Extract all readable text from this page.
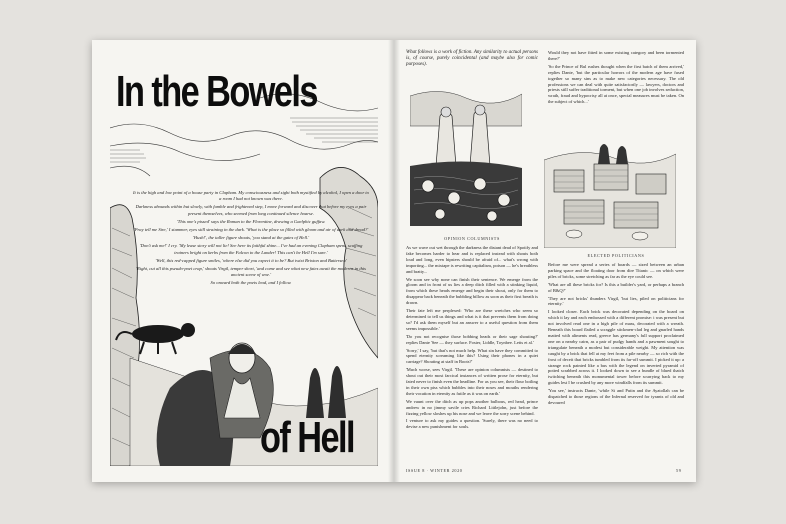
In the Bowels

It is the high and low point of a house party in Clapham. My consciousness and sight both mystified by alcohol, I open a door to a room I had not known was there.

Darkness abounds within but slowly, with fumble and frightened step, I move forward and discover that before my eyes a pair present themselves, who seemed from long continued silence hoarse.

'This one's pissed' says the Roman to the Florentine, drawing a Gaelphic guffaw.

'Pray tell me Sire,' I stammer, eyes still straining in the dark. 'What is the place so filled with gloom and air of dark and dread?'

'Hush!', the taller figure shouts, 'you stand at the gates of Hell.'

'Don't ask me!' I cry. 'My lease story will not lie! See here its faithful shine... I've had an evening Clapham spent, scuffing trainers bright on kerbs from the Falcon to the Lander! This can't be Hell I'm sure.'

'Well, this red-capped figure smiles, 'where else did you expect it to be? But twixt Brixton and Battersea'

'Right, cut all this pseudo-poet crap,' shouts Virgil, temper short, 'and come and see what new fates await the moderns in this ancient scene of woe.'

So onward both the poets lead, and I follow.

of Hell

What follows is a work of fiction. Any similarity to actual persons is, of course, purely coincidental (and maybe also for comic purposes).

OPINION COLUMNISTS

As we wave out wet through the darkness the distant dead of Spotify and fake becomes harder to hear and is replaced instead with shouts both loud and long, even hipsters should be afraid of... what's wrong with importing... the mixtape is rewriting capitalism, poison — he's breathless and bratty...

We soon see why none can finish their sentence. We emerge from the gloom and in front of us lies a deep ditch filled with a stinking liquid, from which these heads emerge and begin their shout, only for them to disappear back beneath the bubbling billow as soon as their first breath is drawn.

Their fate left me perplexed: 'Who are these wretches who seem so determined to tell us things and what is it that prevents them from doing so? I'd ask them myself but an answer to a useful question from them seems impossible.'

'Do you not recognise those bobbing heads or their sage shouting?' replies Dante 'See — they surface. Foster, Liddle, Toynbee. Letts et al.'

'Sorry,' I say, 'but that's not much help. What sin have they committed to spend eternity screaming like this? Using their phones in a quiet carriage? Shouting at staff in Boots?'

'Much worse, sees Virgil. 'These are opinion columnists — destined to shout out their most farcical instances of written prose for eternity, but fated never to finish even the headline. For as you see, their flour boiling in their own piss which bubbles into their noses and mouths rendering their vocation in eternity as futile as it was on earth.'

We vaunt over the ditch as up pops another bulbous, red head, prince andrew in no jimmy savile cries Richard Littlejohn, just before the fizzing yellow sloshes up his nose and we leave the sorry scene behind.

I venture to ask my guides a question. 'Surely, there was no need to devise a new punishment for souls.

Would they not have fitted in some existing category and been tormented there?'

'So the Prince of Bul rushes thought when the first batch of them arrived,' replies Dante, 'but the particular horrors of the modern age have fused together so many sins as to make new categories necessary. The old professions we can deal with quite satisfactorily — lawyers, doctors and priests still suffer traditional torment, but when one job involves seduction, wrath, fraud and hypocrisy all at once, special measures must be taken. On the subject of which...'

ELECTED POLITICIANS

Before me were spread a series of boards — sized between an urban parking space and the floating door from dire Titanic — on which were piles of bricks, some stretching as far as the eye could see.

'What are all these bricks for? Is this a builder's yard, or perhaps a branch of B&Q?'

'They are not bricks' thunders Virgil, 'but lies, piled on politicians for eternity.'

I looked closer. Each brick was decorated depending on the board on which it lay and each embossed with a different promise: i was present but not involved read one in a high pile of mass, decorated with a wreath. Beneath this board flailed a scraggle stickmen-clad leg and gnarled hands matted with aliments read, greece has germany's full support proclaimed one on a nearby cairn, as a pair of pudgy hands and a pawment sought to triangulate beneath a modest but considerable weight. My attention was caught by a brick that fell at my feet from a pile nearby — so rich with the frost of deceit that bricks tumbled from its far-off summit. I picked it up: a strange rock painted like a bus with the legend on inverted pyramid of potted scrabbed across it. I looked down to see a bundle of blued thatch twitching beneath this monumental tower before scurrying back to my guides lest I be crushed by any more windfalls from its summit.

'You see,' instructs Dante, 'while Si and Putin and the Ayatollah can be dispatched to those regions of the Infernal reserved for tyrants of old and devoured

ISSUE 8 · WINTER 2020	59
